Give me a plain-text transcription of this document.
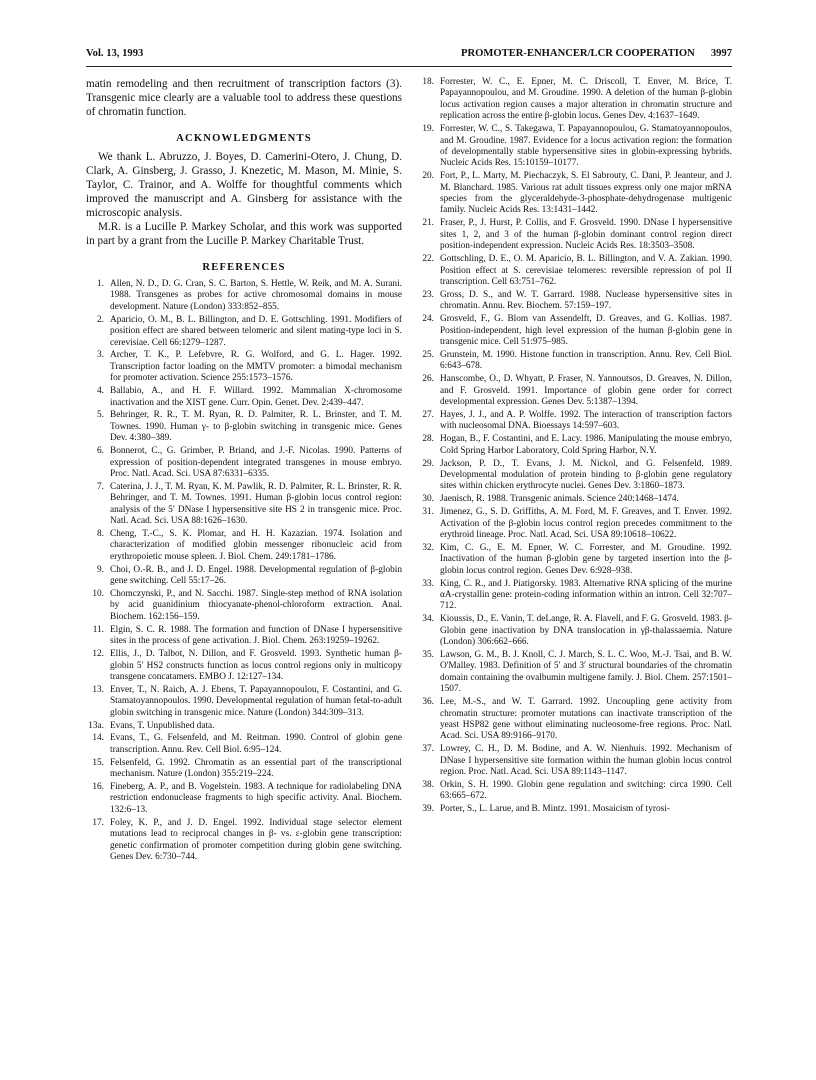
Vol. 13, 1993	PROMOTER-ENHANCER/LCR COOPERATION 3997

matin remodeling and then recruitment of transcription factors (3). Transgenic mice clearly are a valuable tool to address these questions of chromatin function.

ACKNOWLEDGMENTS

We thank L. Abruzzo, J. Boyes, D. Camerini-Otero, J. Chung, D. Clark, A. Ginsberg, J. Grasso, J. Knezetic, M. Mason, M. Minie, S. Taylor, C. Trainor, and A. Wolffe for thoughtful comments which improved the manuscript and A. Ginsberg for assistance with the microscopic analysis.

M.R. is a Lucille P. Markey Scholar, and this work was supported in part by a grant from the Lucille P. Markey Charitable Trust.

REFERENCES
1. Allen, N. D., D. G. Cran, S. C. Barton, S. Hettle, W. Reik, and M. A. Surani. 1988. Transgenes as probes for active chromosomal domains in mouse development. Nature (London) 333:852–855.
2. Aparicio, O. M., B. L. Billington, and D. E. Gottschling. 1991. Modifiers of position effect are shared between telomeric and silent mating-type loci in S. cerevisiae. Cell 66:1279–1287.
3. Archer, T. K., P. Lefebvre, R. G. Wolford, and G. L. Hager. 1992. Transcription factor loading on the MMTV promoter: a bimodal mechanism for promoter activation. Science 255:1573–1576.
4. Ballabio, A., and H. F. Willard. 1992. Mammalian X-chromosome inactivation and the XIST gene. Curr. Opin. Genet. Dev. 2:439–447.
5. Behringer, R. R., T. M. Ryan, R. D. Palmiter, R. L. Brinster, and T. M. Townes. 1990. Human γ- to β-globin switching in transgenic mice. Genes Dev. 4:380–389.
6. Bonnerot, C., G. Grimber, P. Briand, and J.-F. Nicolas. 1990. Patterns of expression of position-dependent integrated transgenes in mouse embryo. Proc. Natl. Acad. Sci. USA 87:6331–6335.
7. Caterina, J. J., T. M. Ryan, K. M. Pawlik, R. D. Palmiter, R. L. Brinster, R. R. Behringer, and T. M. Townes. 1991. Human β-globin locus control region: analysis of the 5′ DNase I hypersensitive site HS 2 in transgenic mice. Proc. Natl. Acad. Sci. USA 88:1626–1630.
8. Cheng, T.-C., S. K. Plomar, and H. H. Kazazian. 1974. Isolation and characterization of modified globin messenger ribonucleic acid from erythropoietic mouse spleen. J. Biol. Chem. 249:1781–1786.
9. Choi, O.-R. B., and J. D. Engel. 1988. Developmental regulation of β-globin gene switching. Cell 55:17–26.
10. Chomczynski, P., and N. Sacchi. 1987. Single-step method of RNA isolation by acid guanidinium thiocyanate-phenol-chloroform extraction. Anal. Biochem. 162:156–159.
11. Elgin, S. C. R. 1988. The formation and function of DNase I hypersensitive sites in the process of gene activation. J. Biol. Chem. 263:19259–19262.
12. Ellis, J., D. Talbot, N. Dillon, and F. Grosveld. 1993. Synthetic human β-globin 5′ HS2 constructs function as locus control regions only in multicopy transgene concatamers. EMBO J. 12:127–134.
13. Enver, T., N. Raich, A. J. Ebens, T. Papayannopoulou, F. Costantini, and G. Stamatoyannopoulos. 1990. Developmental regulation of human fetal-to-adult globin switching in transgenic mice. Nature (London) 344:309–313.
13a. Evans, T. Unpublished data.
14. Evans, T., G. Felsenfeld, and M. Reitman. 1990. Control of globin gene transcription. Annu. Rev. Cell Biol. 6:95–124.
15. Felsenfeld, G. 1992. Chromatin as an essential part of the transcriptional mechanism. Nature (London) 355:219–224.
16. Fineberg, A. P., and B. Vogelstein. 1983. A technique for radiolabeling DNA restriction endonuclease fragments to high specific activity. Anal. Biochem. 132:6–13.
17. Foley, K. P., and J. D. Engel. 1992. Individual stage selector element mutations lead to reciprocal changes in β- vs. ε-globin gene transcription: genetic confirmation of promoter competition during globin gene switching. Genes Dev. 6:730–744.
18. Forrester, W. C., E. Epner, M. C. Driscoll, T. Enver, M. Brice, T. Papayannopoulou, and M. Groudine. 1990. A deletion of the human β-globin locus activation region causes a major alteration in chromatin structure and replication across the entire β-globin locus. Genes Dev. 4:1637–1649.
19. Forrester, W. C., S. Takegawa, T. Papayannopoulou, G. Stamatoyannopoulos, and M. Groudine. 1987. Evidence for a locus activation region: the formation of developmentally stable hypersensitive sites in globin-expressing hybrids. Nucleic Acids Res. 15:10159–10177.
20. Fort, P., L. Marty, M. Piechaczyk, S. El Sabrouty, C. Dani, P. Jeanteur, and J. M. Blanchard. 1985. Various rat adult tissues express only one major mRNA species from the glyceraldehyde-3-phosphate-dehydrogenase multigenic family. Nucleic Acids Res. 13:1431–1442.
21. Fraser, P., J. Hurst, P. Collis, and F. Grosveld. 1990. DNase I hypersensitive sites 1, 2, and 3 of the human β-globin dominant control region direct position-independent expression. Nucleic Acids Res. 18:3503–3508.
22. Gottschling, D. E., O. M. Aparicio, B. L. Billington, and V. A. Zakian. 1990. Position effect at S. cerevisiae telomeres: reversible repression of pol II transcription. Cell 63:751–762.
23. Gross, D. S., and W. T. Garrard. 1988. Nuclease hypersensitive sites in chromatin. Annu. Rev. Biochem. 57:159–197.
24. Grosveld, F., G. Blom van Assendelft, D. Greaves, and G. Kollias. 1987. Position-independent, high level expression of the human β-globin gene in transgenic mice. Cell 51:975–985.
25. Grunstein, M. 1990. Histone function in transcription. Annu. Rev. Cell Biol. 6:643–678.
26. Hanscombe, O., D. Whyatt, P. Fraser, N. Yannoutsos, D. Greaves, N. Dillon, and F. Grosveld. 1991. Importance of globin gene order for correct developmental expression. Genes Dev. 5:1387–1394.
27. Hayes, J. J., and A. P. Wolffe. 1992. The interaction of transcription factors with nucleosomal DNA. Bioessays 14:597–603.
28. Hogan, B., F. Costantini, and E. Lacy. 1986. Manipulating the mouse embryo, Cold Spring Harbor Laboratory, Cold Spring Harbor, N.Y.
29. Jackson, P. D., T. Evans, J. M. Nickol, and G. Felsenfeld. 1989. Developmental modulation of protein binding to β-globin gene regulatory sites within chicken erythrocyte nuclei. Genes Dev. 3:1860–1873.
30. Jaenisch, R. 1988. Transgenic animals. Science 240:1468–1474.
31. Jimenez, G., S. D. Griffiths, A. M. Ford, M. F. Greaves, and T. Enver. 1992. Activation of the β-globin locus control region precedes commitment to the erythroid lineage. Proc. Natl. Acad. Sci. USA 89:10618–10622.
32. Kim, C. G., E. M. Epner, W. C. Forrester, and M. Groudine. 1992. Inactivation of the human β-globin gene by targeted insertion into the β-globin locus control region. Genes Dev. 6:928–938.
33. King, C. R., and J. Piatigorsky. 1983. Alternative RNA splicing of the murine αA-crystallin gene: protein-coding information within an intron. Cell 32:707–712.
34. Kioussis, D., E. Vanin, T. deLange, R. A. Flavell, and F. G. Grosveld. 1983. β-Globin gene inactivation by DNA translocation in γβ-thalassaemia. Nature (London) 306:662–666.
35. Lawson, G. M., B. J. Knoll, C. J. March, S. L. C. Woo, M.-J. Tsai, and B. W. O'Malley. 1983. Definition of 5′ and 3′ structural boundaries of the chromatin domain containing the ovalbumin multigene family. J. Biol. Chem. 257:1501–1507.
36. Lee, M.-S., and W. T. Garrard. 1992. Uncoupling gene activity from chromatin structure: promoter mutations can inactivate transcription of the yeast HSP82 gene without eliminating nucleosome-free regions. Proc. Natl. Acad. Sci. USA 89:9166–9170.
37. Lowrey, C. H., D. M. Bodine, and A. W. Nienhuis. 1992. Mechanism of DNase I hypersensitive site formation within the human globin locus control region. Proc. Natl. Acad. Sci. USA 89:1143–1147.
38. Orkin, S. H. 1990. Globin gene regulation and switching: circa 1990. Cell 63:665–672.
39. Porter, S., L. Larue, and B. Mintz. 1991. Mosaicism of tyrosi-
